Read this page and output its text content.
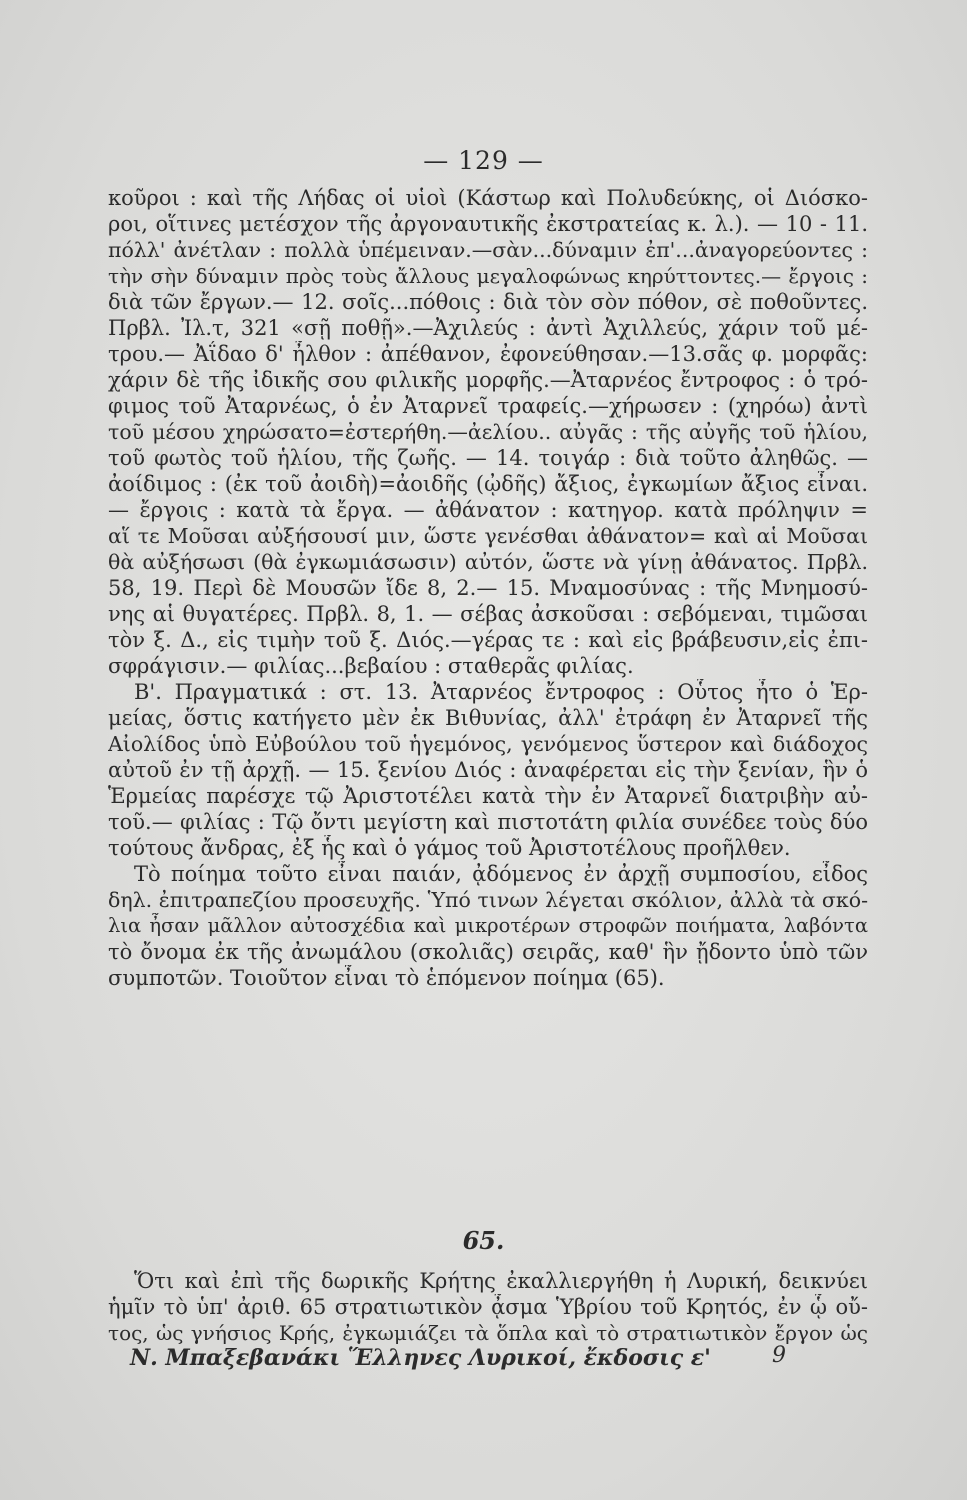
— 129 —
κοῦροι : καὶ τῆς Λήδας οἱ υἱοὶ (Κάστωρ καὶ Πολυδεύκης, οἱ Διόσκο-
ροι, οἵτινες μετέσχον τῆς ἀργοναυτικῆς ἐκστρατείας κ. λ.). — 10 - 11.
πόλλ' ἀνέτλαν : πολλὰ ὑπέμειναν.—σὰν...δύναμιν ἐπ'...ἀναγορεύοντες :
τὴν σὴν δύναμιν πρὸς τοὺς ἄλλους μεγαλοφώνως κηρύττοντες.— ἔργοις :
διὰ τῶν ἔργων.— 12. σοῖς...πόθοις : διὰ τὸν σὸν πόθον, σὲ ποθοῦντες.
Πρβλ. Ἰλ.τ, 321 «σῇ ποθῇ».—Ἀχιλεύς : ἀντὶ Ἀχιλλεύς, χάριν τοῦ μέ-
τρου.— Ἀΐδαο δ' ἦλθον : ἀπέθανον, ἐφονεύθησαν.—13.σᾶς φ. μορφᾶς:
χάριν δὲ τῆς ἰδικῆς σου φιλικῆς μορφῆς.—Ἀταρνέος ἔντροφος : ὁ τρό-
φιμος τοῦ Ἀταρνέως, ὁ ἐν Ἀταρνεῖ τραφείς.—χήρωσεν : (χηρόω) ἀντὶ
τοῦ μέσου χηρώσατο=ἐστερήθη.—ἀελίου.. αὐγᾶς : τῆς αὐγῆς τοῦ ἡλίου,
τοῦ φωτὸς τοῦ ἡλίου, τῆς ζωῆς. — 14. τοιγάρ : διὰ τοῦτο ἀληθῶς. —
ἀοίδιμος : (ἐκ τοῦ ἀοιδὴ)=ἀοιδῆς (ᾠδῆς) ἄξιος, ἐγκωμίων ἄξιος εἶναι.
— ἔργοις : κατὰ τὰ ἔργα. — ἀθάνατον : κατηγορ. κατὰ πρόληψιν =
αἵ τε Μοῦσαι αὐξήσουσί μιν, ὥστε γενέσθαι ἀθάνατον= καὶ αἱ Μοῦσαι
θὰ αὐξήσωσι (θὰ ἐγκωμιάσωσιν) αὐτόν, ὥστε νὰ γίνῃ ἀθάνατος. Πρβλ.
58, 19. Περὶ δὲ Μουσῶν ἴδε 8, 2.— 15. Μναμοσύνας : τῆς Μνημοσύ-
νης αἱ θυγατέρες. Πρβλ. 8, 1. — σέβας ἀσκοῦσαι : σεβόμεναι, τιμῶσαι
τὸν ξ. Δ., εἰς τιμὴν τοῦ ξ. Διός.—γέρας τε : καὶ εἰς βράβευσιν,εἰς ἐπι-
σφράγισιν.— φιλίας...βεβαίου : σταθερᾶς φιλίας.
Β'. Πραγματικά : στ. 13. Ἀταρνέος ἔντροφος : Οὗτος ἦτο ὁ Ἑρ-
μείας, ὅστις κατήγετο μὲν ἐκ Βιθυνίας, ἀλλ' ἐτράφη ἐν Ἀταρνεῖ τῆς
Αἰολίδος ὑπὸ Εὐβούλου τοῦ ἡγεμόνος, γενόμενος ὕστερον καὶ διάδοχος
αὐτοῦ ἐν τῇ ἀρχῇ. — 15. ξενίου Διός : ἀναφέρεται εἰς τὴν ξενίαν, ἣν ὁ
Ἑρμείας παρέσχε τῷ Ἀριστοτέλει κατὰ τὴν ἐν Ἀταρνεῖ διατριβὴν αὐ-
τοῦ.— φιλίας : Τῷ ὄντι μεγίστη καὶ πιστοτάτη φιλία συνέδεε τοὺς δύο
τούτους ἄνδρας, ἐξ ἧς καὶ ὁ γάμος τοῦ Ἀριστοτέλους προῆλθεν.
Τὸ ποίημα τοῦτο εἶναι παιάν, ᾀδόμενος ἐν ἀρχῇ συμποσίου, εἶδος
δηλ. ἐπιτραπεζίου προσευχῆς. Ὑπό τινων λέγεται σκόλιον, ἀλλὰ τὰ σκό-
λια ἦσαν μᾶλλον αὐτοσχέδια καὶ μικροτέρων στροφῶν ποιήματα, λαβόντα
τὸ ὄνομα ἐκ τῆς ἀνωμάλου (σκολιᾶς) σειρᾶς, καθ' ἣν ᾔδοντο ὑπὸ τῶν
συμποτῶν. Τοιοῦτον εἶναι τὸ ἑπόμενον ποίημα (65).
65.
Ὅτι καὶ ἐπὶ τῆς δωρικῆς Κρήτης ἐκαλλιεργήθη ἡ Λυρική, δεικνύει
ἡμῖν τὸ ὑπ' ἀριθ. 65 στρατιωτικὸν ᾆσμα Ὑβρίου τοῦ Κρητός, ἐν ᾧ οὔ-
τος, ὡς γνήσιος Κρής, ἐγκωμιάζει τὰ ὅπλα καὶ τὸ στρατιωτικὸν ἔργον ὡς
Ν. Μπαξεβανάκι Ἕλληνες Λυρικοί, ἔκδοσις ε'	9
